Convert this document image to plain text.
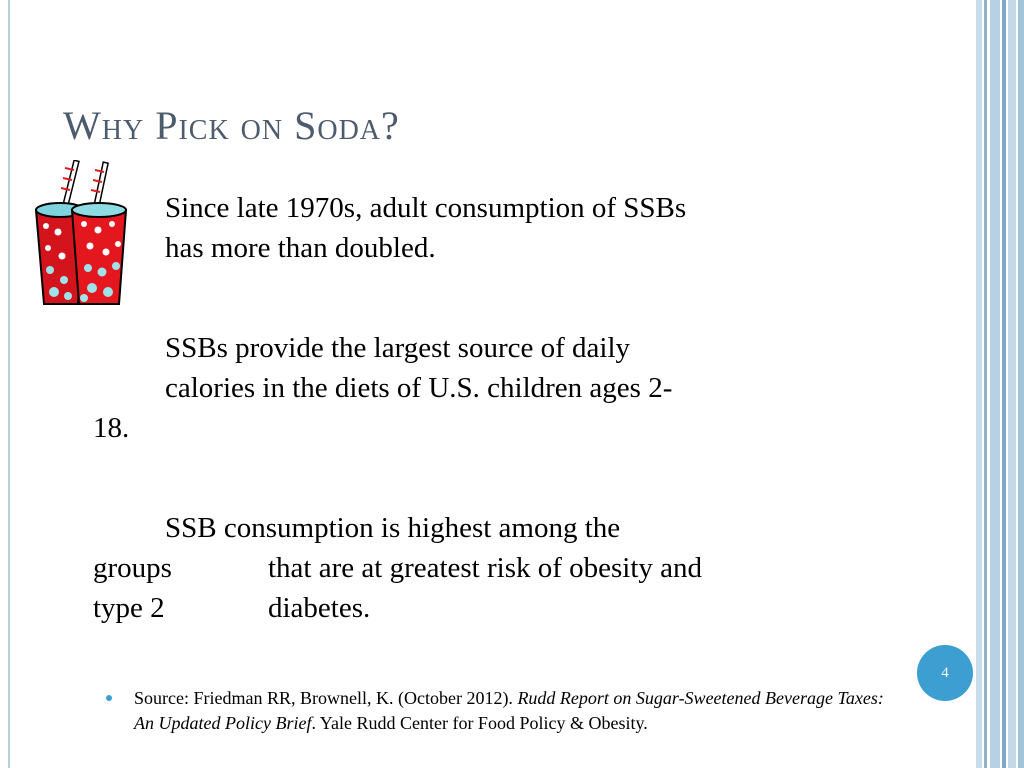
Why Pick on Soda?
Since late 1970s, adult consumption of SSBs
has more than doubled.
SSBs provide the largest source of daily
calories in the diets of U.S. children ages 2-
18.
SSB consumption is highest among the
groups	that are at greatest risk of obesity and
type 2	diabetes.
4
Source: Friedman RR, Brownell, K. (October 2012). Rudd Report on Sugar-Sweetened Beverage Taxes: An Updated Policy Brief. Yale Rudd Center for Food Policy & Obesity.
